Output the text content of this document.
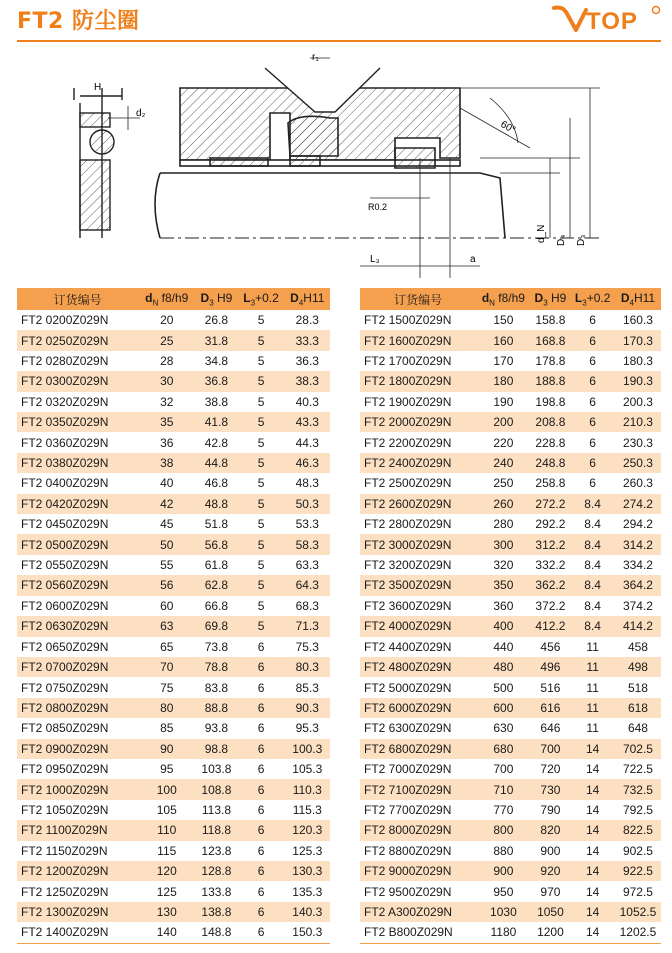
FT2 防尘圈	TOP
H
d₂
r₁
60°
R0.2
L₃	a
d_N D₄ D₃
订货编号	$d_N$ f8/h9	$D_3$ H9	$L_3+0.2$	$D_4H11$
FT2 0200Z029N	20	26.8	5	28.3
FT2 0250Z029N	25	31.8	5	33.3
FT2 0280Z029N	28	34.8	5	36.3
FT2 0300Z029N	30	36.8	5	38.3
FT2 0320Z029N	32	38.8	5	40.3
FT2 0350Z029N	35	41.8	5	43.3
FT2 0360Z029N	36	42.8	5	44.3
FT2 0380Z029N	38	44.8	5	46.3
FT2 0400Z029N	40	46.8	5	48.3
FT2 0420Z029N	42	48.8	5	50.3
FT2 0450Z029N	45	51.8	5	53.3
FT2 0500Z029N	50	56.8	5	58.3
FT2 0550Z029N	55	61.8	5	63.3
FT2 0560Z029N	56	62.8	5	64.3
FT2 0600Z029N	60	66.8	5	68.3
FT2 0630Z029N	63	69.8	5	71.3
FT2 0650Z029N	65	73.8	6	75.3
FT2 0700Z029N	70	78.8	6	80.3
FT2 0750Z029N	75	83.8	6	85.3
FT2 0800Z029N	80	88.8	6	90.3
FT2 0850Z029N	85	93.8	6	95.3
FT2 0900Z029N	90	98.8	6	100.3
FT2 0950Z029N	95	103.8	6	105.3
FT2 1000Z029N	100	108.8	6	110.3
FT2 1050Z029N	105	113.8	6	115.3
FT2 1100Z029N	110	118.8	6	120.3
FT2 1150Z029N	115	123.8	6	125.3
FT2 1200Z029N	120	128.8	6	130.3
FT2 1250Z029N	125	133.8	6	135.3
FT2 1300Z029N	130	138.8	6	140.3
FT2 1400Z029N	140	148.8	6	150.3
订货编号	$d_N$ f8/h9	$D_3$ H9	$L_3+0.2$	$D_4H11$
FT2 1500Z029N	150	158.8	6	160.3
FT2 1600Z029N	160	168.8	6	170.3
FT2 1700Z029N	170	178.8	6	180.3
FT2 1800Z029N	180	188.8	6	190.3
FT2 1900Z029N	190	198.8	6	200.3
FT2 2000Z029N	200	208.8	6	210.3
FT2 2200Z029N	220	228.8	6	230.3
FT2 2400Z029N	240	248.8	6	250.3
FT2 2500Z029N	250	258.8	6	260.3
FT2 2600Z029N	260	272.2	8.4	274.2
FT2 2800Z029N	280	292.2	8.4	294.2
FT2 3000Z029N	300	312.2	8.4	314.2
FT2 3200Z029N	320	332.2	8.4	334.2
FT2 3500Z029N	350	362.2	8.4	364.2
FT2 3600Z029N	360	372.2	8.4	374.2
FT2 4000Z029N	400	412.2	8.4	414.2
FT2 4400Z029N	440	456	11	458
FT2 4800Z029N	480	496	11	498
FT2 5000Z029N	500	516	11	518
FT2 6000Z029N	600	616	11	618
FT2 6300Z029N	630	646	11	648
FT2 6800Z029N	680	700	14	702.5
FT2 7000Z029N	700	720	14	722.5
FT2 7100Z029N	710	730	14	732.5
FT2 7700Z029N	770	790	14	792.5
FT2 8000Z029N	800	820	14	822.5
FT2 8800Z029N	880	900	14	902.5
FT2 9000Z029N	900	920	14	922.5
FT2 9500Z029N	950	970	14	972.5
FT2 A300Z029N	1030	1050	14	1052.5
FT2 B800Z029N	1180	1200	14	1202.5
